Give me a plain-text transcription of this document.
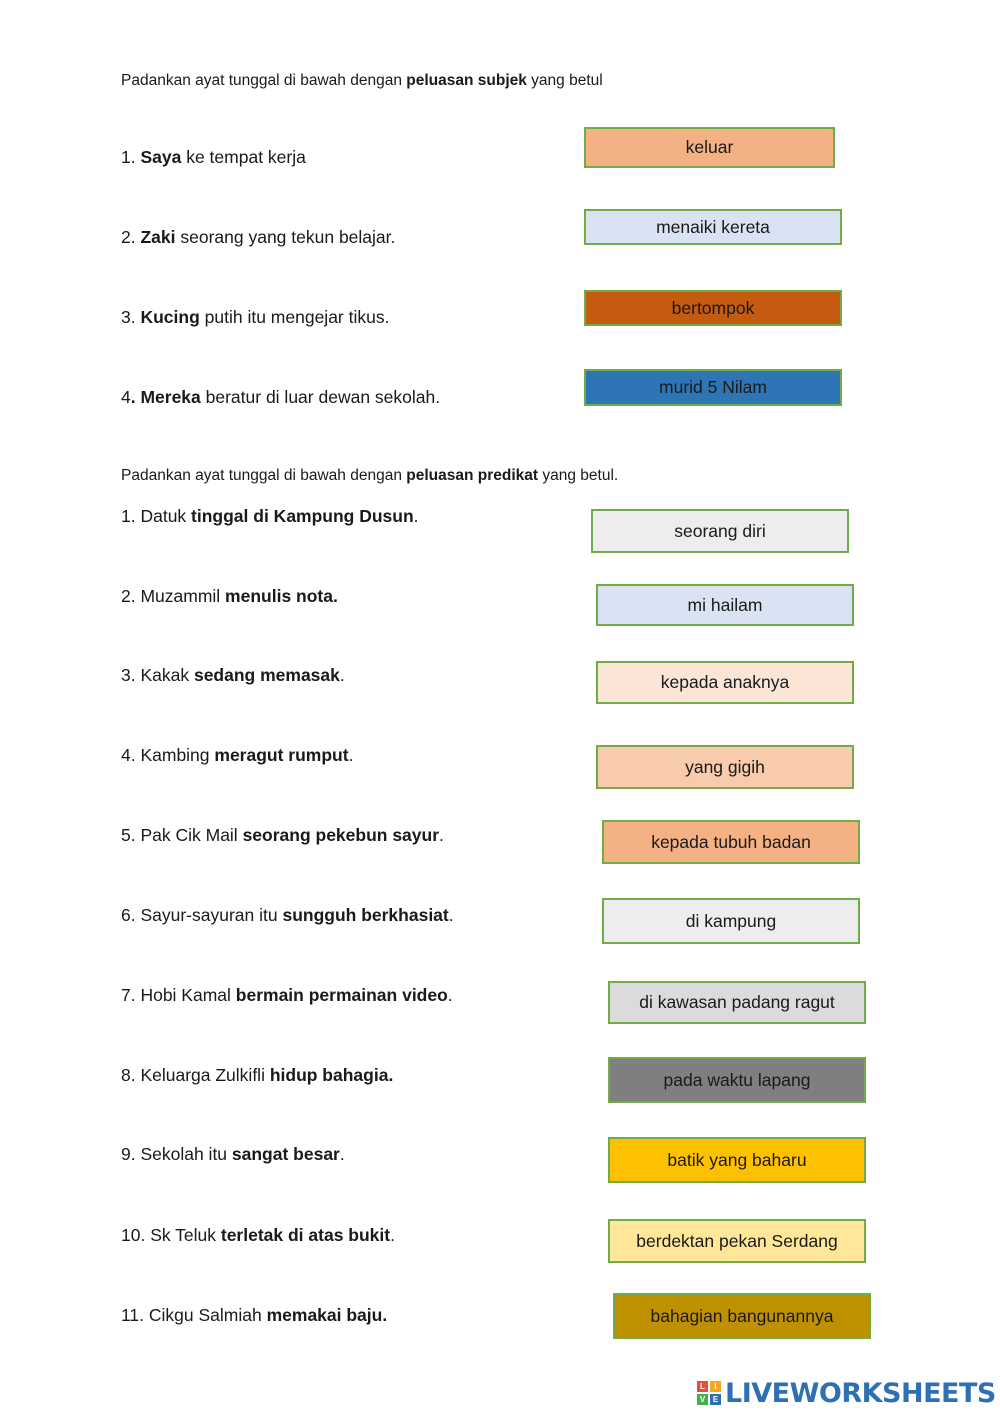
Padankan ayat tunggal di bawah dengan peluasan subjek yang betul
1. Saya ke tempat kerja
2. Zaki seorang yang tekun belajar.
3. Kucing putih itu mengejar tikus.
4. Mereka beratur di luar dewan sekolah.
keluar
menaiki kereta
bertompok
murid 5 Nilam
Padankan ayat tunggal di bawah dengan peluasan predikat yang betul.
1. Datuk tinggal di Kampung Dusun.
2. Muzammil menulis nota.
3. Kakak sedang memasak.
4. Kambing meragut rumput.
5. Pak Cik Mail seorang pekebun sayur.
6. Sayur-sayuran itu sungguh berkhasiat.
7. Hobi Kamal bermain permainan video.
8. Keluarga Zulkifli hidup bahagia.
9. Sekolah itu sangat besar.
10. Sk Teluk terletak di atas bukit.
11. Cikgu Salmiah memakai baju.
seorang diri
mi hailam
kepada anaknya
yang gigih
kepada tubuh badan
di kampung
di kawasan padang ragut
pada waktu lapang
batik yang baharu
berdektan pekan Serdang
bahagian bangunannya
L	I
V E LIVEWORKSHEETS
